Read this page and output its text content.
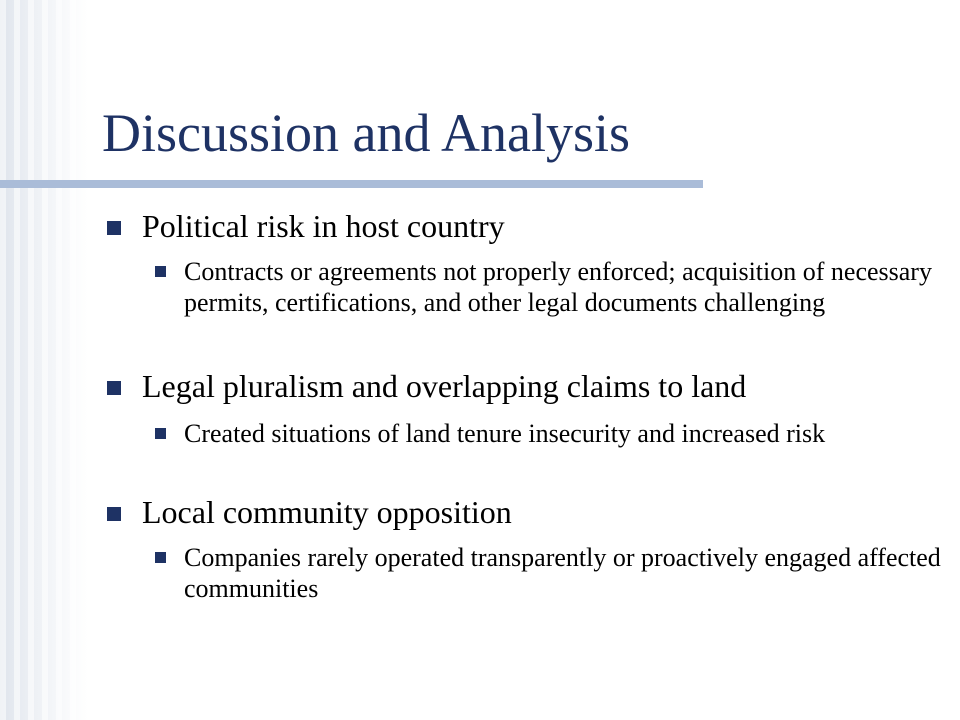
Discussion and Analysis
Political risk in host country
Contracts or agreements not properly enforced; acquisition of necessary permits, certifications, and other legal documents challenging
Legal pluralism and overlapping claims to land
Created situations of land tenure insecurity and increased risk
Local community opposition
Companies rarely operated transparently or proactively engaged affected communities
